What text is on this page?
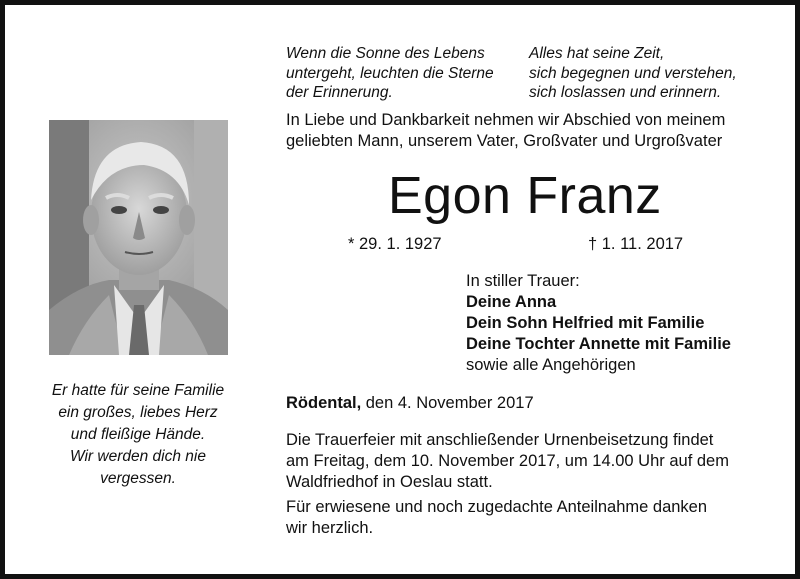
Wenn die Sonne des Lebens
untergeht, leuchten die Sterne
der Erinnerung.
Alles hat seine Zeit,
sich begegnen und verstehen,
sich loslassen und erinnern.
In Liebe und Dankbarkeit nehmen wir Abschied von meinem
geliebten Mann, unserem Vater, Großvater und Urgroßvater
Egon Franz
* 29. 1. 1927	† 1. 11. 2017
In stiller Trauer:
Deine Anna
Dein Sohn Helfried mit Familie
Deine Tochter Annette mit Familie
sowie alle Angehörigen
Rödental, den 4. November 2017
Die Trauerfeier mit anschließender Urnenbeisetzung findet
am Freitag, dem 10. November 2017, um 14.00 Uhr auf dem
Waldfriedhof in Oeslau statt.
Für erwiesene und noch zugedachte Anteilnahme danken
wir herzlich.
Er hatte für seine Familie
ein großes, liebes Herz
und fleißige Hände.
Wir werden dich nie
vergessen.
